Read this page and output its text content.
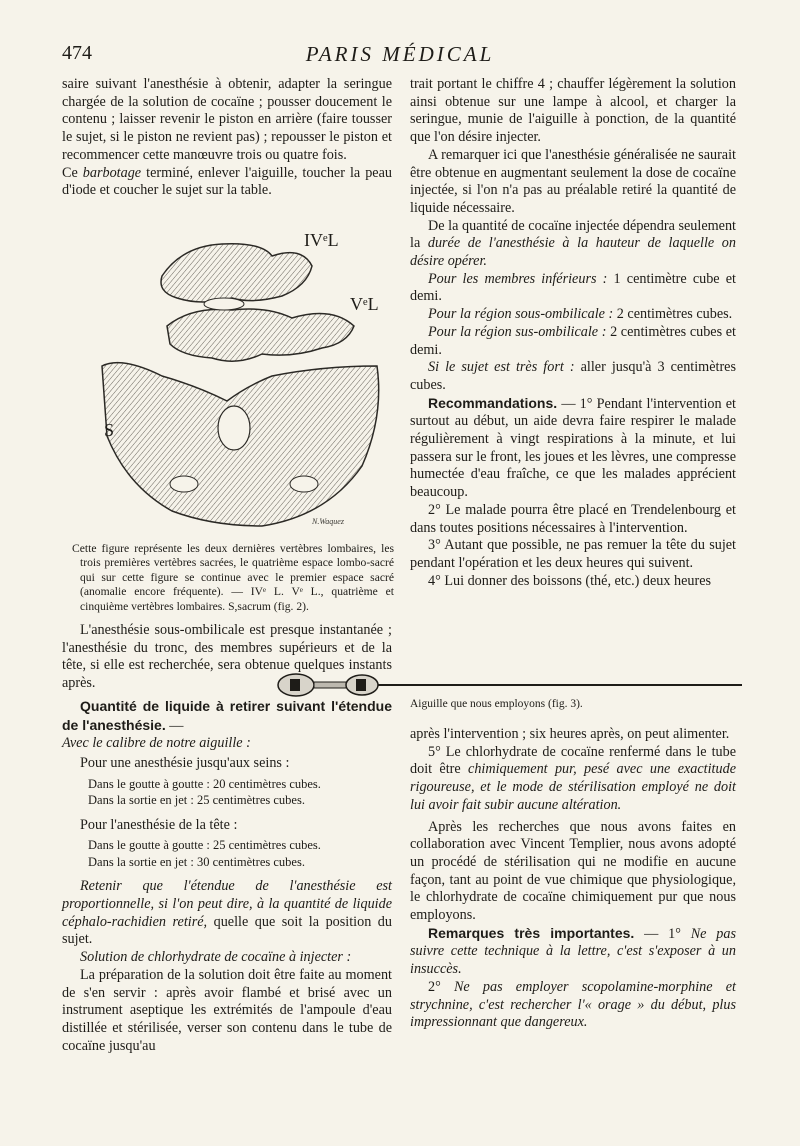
474	PARIS MÉDICAL

saire suivant l'anesthésie à obtenir, adapter la seringue chargée de la solution de cocaïne ; pousser doucement le contenu ; laisser revenir le piston en arrière (faire tousser le sujet, si le piston ne revient pas) ; repousser le piston et recommencer cette manœuvre trois ou quatre fois.

Ce barbotage terminé, enlever l'aiguille, toucher la peau d'iode et coucher le sujet sur la table.

IVᵉL
VᵉL
S
N.Waquez

Cette figure représente les deux dernières vertèbres lombaires, les trois premières vertèbres sacrées, le quatrième espace lombo-sacré qui sur cette figure se continue avec le premier espace sacré (anomalie encore fréquente). — IVᵉ L. Vᵉ L., quatrième et cinquième vertèbres lombaires. S,sacrum (fig. 2).

L'anesthésie sous-ombilicale est presque instantanée ; l'anesthésie du tronc, des membres supérieurs et de la tête, si elle est recherchée, sera obtenue quelques instants après.

Quantité de liquide à retirer suivant l'étendue de l'anesthésie. —

Avec le calibre de notre aiguille :

Pour une anesthésie jusqu'aux seins :

Dans le goutte à goutte : 20 centimètres cubes.

Dans la sortie en jet : 25 centimètres cubes.

Pour l'anesthésie de la tête :

Dans le goutte à goutte : 25 centimètres cubes.

Dans la sortie en jet : 30 centimètres cubes.

Retenir que l'étendue de l'anesthésie est proportionnelle, si l'on peut dire, à la quantité de liquide céphalo-rachidien retiré, quelle que soit la position du sujet.

Solution de chlorhydrate de cocaïne à injecter :

La préparation de la solution doit être faite au moment de s'en servir : après avoir flambé et brisé avec un instrument aseptique les extrémités de l'ampoule d'eau distillée et stérilisée, verser son contenu dans le tube de cocaïne jusqu'au

trait portant le chiffre 4 ; chauffer légèrement la solution ainsi obtenue sur une lampe à alcool, et charger la seringue, munie de l'aiguille à ponction, de la quantité que l'on désire injecter.

A remarquer ici que l'anesthésie généralisée ne saurait être obtenue en augmentant seulement la dose de cocaïne injectée, si l'on n'a pas au préalable retiré la quantité de liquide nécessaire.

De la quantité de cocaïne injectée dépendra seulement la durée de l'anesthésie à la hauteur de laquelle on désire opérer.

Pour les membres inférieurs : 1 centimètre cube et demi.

Pour la région sous-ombilicale : 2 centimètres cubes.

Pour la région sus-ombilicale : 2 centimètres cubes et demi.

Si le sujet est très fort : aller jusqu'à 3 centimètres cubes.

Recommandations. — 1° Pendant l'intervention et surtout au début, un aide devra faire respirer le malade régulièrement à vingt respirations à la minute, et lui passera sur le front, les joues et les lèvres, une compresse humectée d'eau fraîche, ce que les malades apprécient beaucoup.

2° Le malade pourra être placé en Trendelenbourg et dans toutes positions nécessaires à l'intervention.

3° Autant que possible, ne pas remuer la tête du sujet pendant l'opération et les deux heures qui suivent.

4° Lui donner des boissons (thé, etc.) deux heures

Aiguille que nous employons (fig. 3).

après l'intervention ; six heures après, on peut alimenter.

5° Le chlorhydrate de cocaïne renfermé dans le tube doit être chimiquement pur, pesé avec une exactitude rigoureuse, et le mode de stérilisation employé ne doit lui avoir fait subir aucune altération.

Après les recherches que nous avons faites en collaboration avec Vincent Templier, nous avons adopté un procédé de stérilisation qui ne modifie en aucune façon, tant au point de vue chimique que physiologique, le chlorhydrate de cocaïne chimiquement pur que nous employons.

Remarques très importantes. — 1° Ne pas suivre cette technique à la lettre, c'est s'exposer à un insuccès.

2° Ne pas employer scopolamine-morphine et strychnine, c'est rechercher l'« orage » du début, plus impressionnant que dangereux.
